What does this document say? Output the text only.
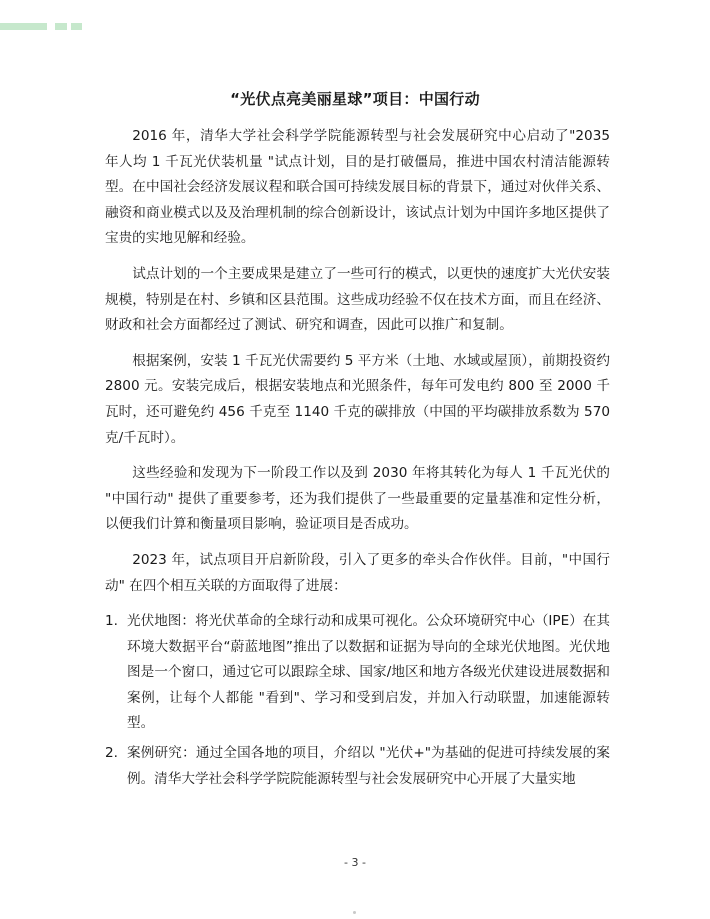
“光伏点亮美丽星球”项目：中国行动

2016 年，清华大学社会科学学院能源转型与社会发展研究中心启动了"2035 年人均 1 千瓦光伏装机量 "试点计划，目的是打破僵局，推进中国农村清洁能源转型。在中国社会经济发展议程和联合国可持续发展目标的背景下，通过对伙伴关系、融资和商业模式以及及治理机制的综合创新设计，该试点计划为中国许多地区提供了宝贵的实地见解和经验。

试点计划的一个主要成果是建立了一些可行的模式，以更快的速度扩大光伏安装规模，特别是在村、乡镇和区县范围。这些成功经验不仅在技术方面，而且在经济、财政和社会方面都经过了测试、研究和调查，因此可以推广和复制。

根据案例，安装 1 千瓦光伏需要约 5 平方米（土地、水域或屋顶），前期投资约 2800 元。安装完成后，根据安装地点和光照条件，每年可发电约 800 至 2000 千瓦时，还可避免约 456 千克至 1140 千克的碳排放（中国的平均碳排放系数为 570 克/千瓦时）。

这些经验和发现为下一阶段工作以及到 2030 年将其转化为每人 1 千瓦光伏的 "中国行动" 提供了重要参考，还为我们提供了一些最重要的定量基准和定性分析，以便我们计算和衡量项目影响，验证项目是否成功。

2023 年，试点项目开启新阶段，引入了更多的牵头合作伙伴。目前，"中国行动" 在四个相互关联的方面取得了进展：

1. 光伏地图：将光伏革命的全球行动和成果可视化。公众环境研究中心（IPE）在其环境大数据平台“蔚蓝地图”推出了以数据和证据为导向的全球光伏地图。光伏地图是一个窗口，通过它可以跟踪全球、国家/地区和地方各级光伏建设进展数据和案例，让每个人都能 "看到"、学习和受到启发，并加入行动联盟，加速能源转型。
2. 案例研究：通过全国各地的项目，介绍以 "光伏+"为基础的促进可持续发展的案例。清华大学社会科学学院院能源转型与社会发展研究中心开展了大量实地
- 3 -
